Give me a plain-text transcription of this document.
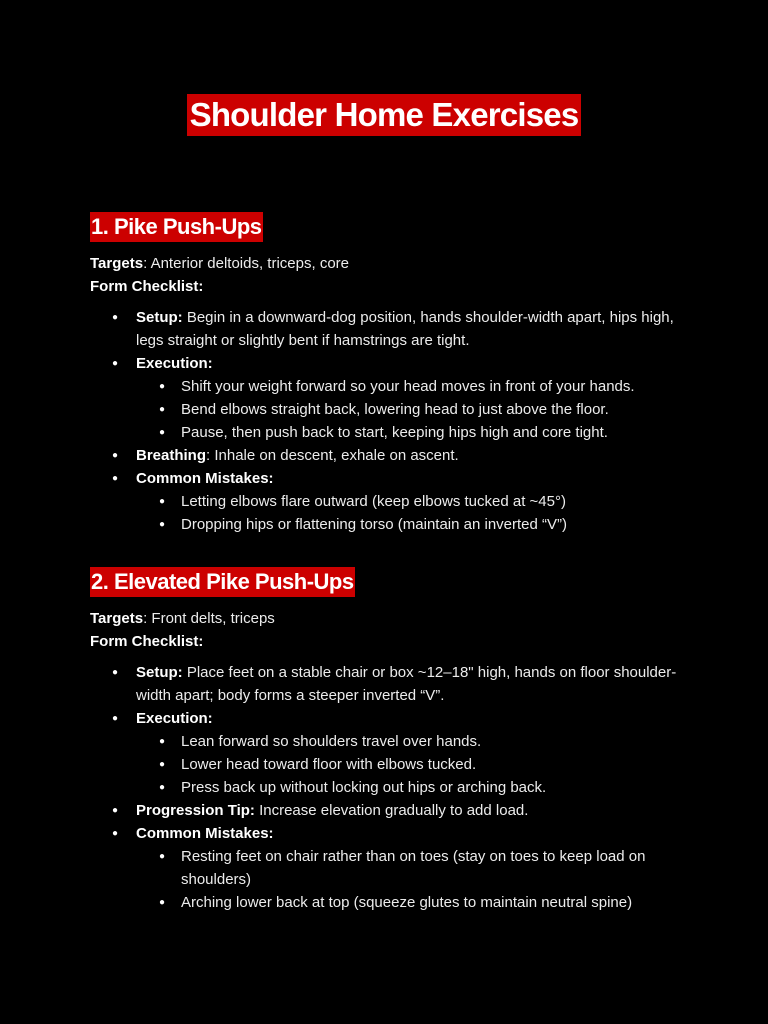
Shoulder Home Exercises
1. Pike Push-Ups

Targets: Anterior deltoids, triceps, core

Form Checklist:

● Setup: Begin in a downward-dog position, hands shoulder-width apart, hips high, legs straight or slightly bent if hamstrings are tight.
● Execution:
● Shift your weight forward so your head moves in front of your hands.
● Bend elbows straight back, lowering head to just above the floor.
● Pause, then push back to start, keeping hips high and core tight.
● Breathing: Inhale on descent, exhale on ascent.
● Common Mistakes:
● Letting elbows flare outward (keep elbows tucked at ~45°)
● Dropping hips or flattening torso (maintain an inverted “V”)
2. Elevated Pike Push-Ups

Targets: Front delts, triceps

Form Checklist:

● Setup: Place feet on a stable chair or box ~12–18" high, hands on floor shoulder-width apart; body forms a steeper inverted “V”.
● Execution:
● Lean forward so shoulders travel over hands.
● Lower head toward floor with elbows tucked.
● Press back up without locking out hips or arching back.
● Progression Tip: Increase elevation gradually to add load.
● Common Mistakes:
● Resting feet on chair rather than on toes (stay on toes to keep load on shoulders)
● Arching lower back at top (squeeze glutes to maintain neutral spine)
